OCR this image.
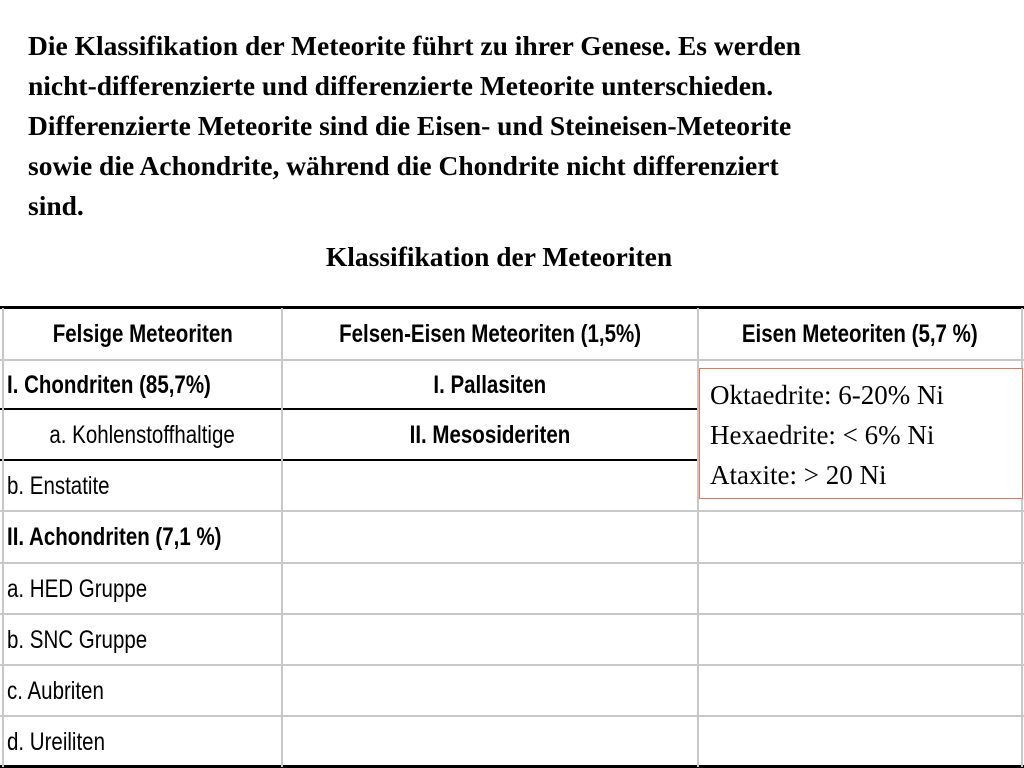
Die Klassifikation der Meteorite führt zu ihrer Genese. Es werden
nicht-differenzierte und differenzierte Meteorite unterschieden.
Differenzierte Meteorite sind die Eisen- und Steineisen-Meteorite
sowie die Achondrite, während die Chondrite nicht differenziert
sind.
Klassifikation der Meteoriten
Felsige Meteoriten	Felsen-Eisen Meteoriten (1,5%)	Eisen Meteoriten (5,7 %)
I. Chondriten (85,7%)
a. Kohlenstoffhaltige
b. Enstatite
II. Achondriten (7,1 %)
a. HED Gruppe
b. SNC Gruppe
c. Aubriten
d. Ureiliten
I. Pallasiten
II. Mesosideriten
Oktaedrite: 6-20% Ni
Hexaedrite: < 6% Ni
Ataxite: > 20 Ni
